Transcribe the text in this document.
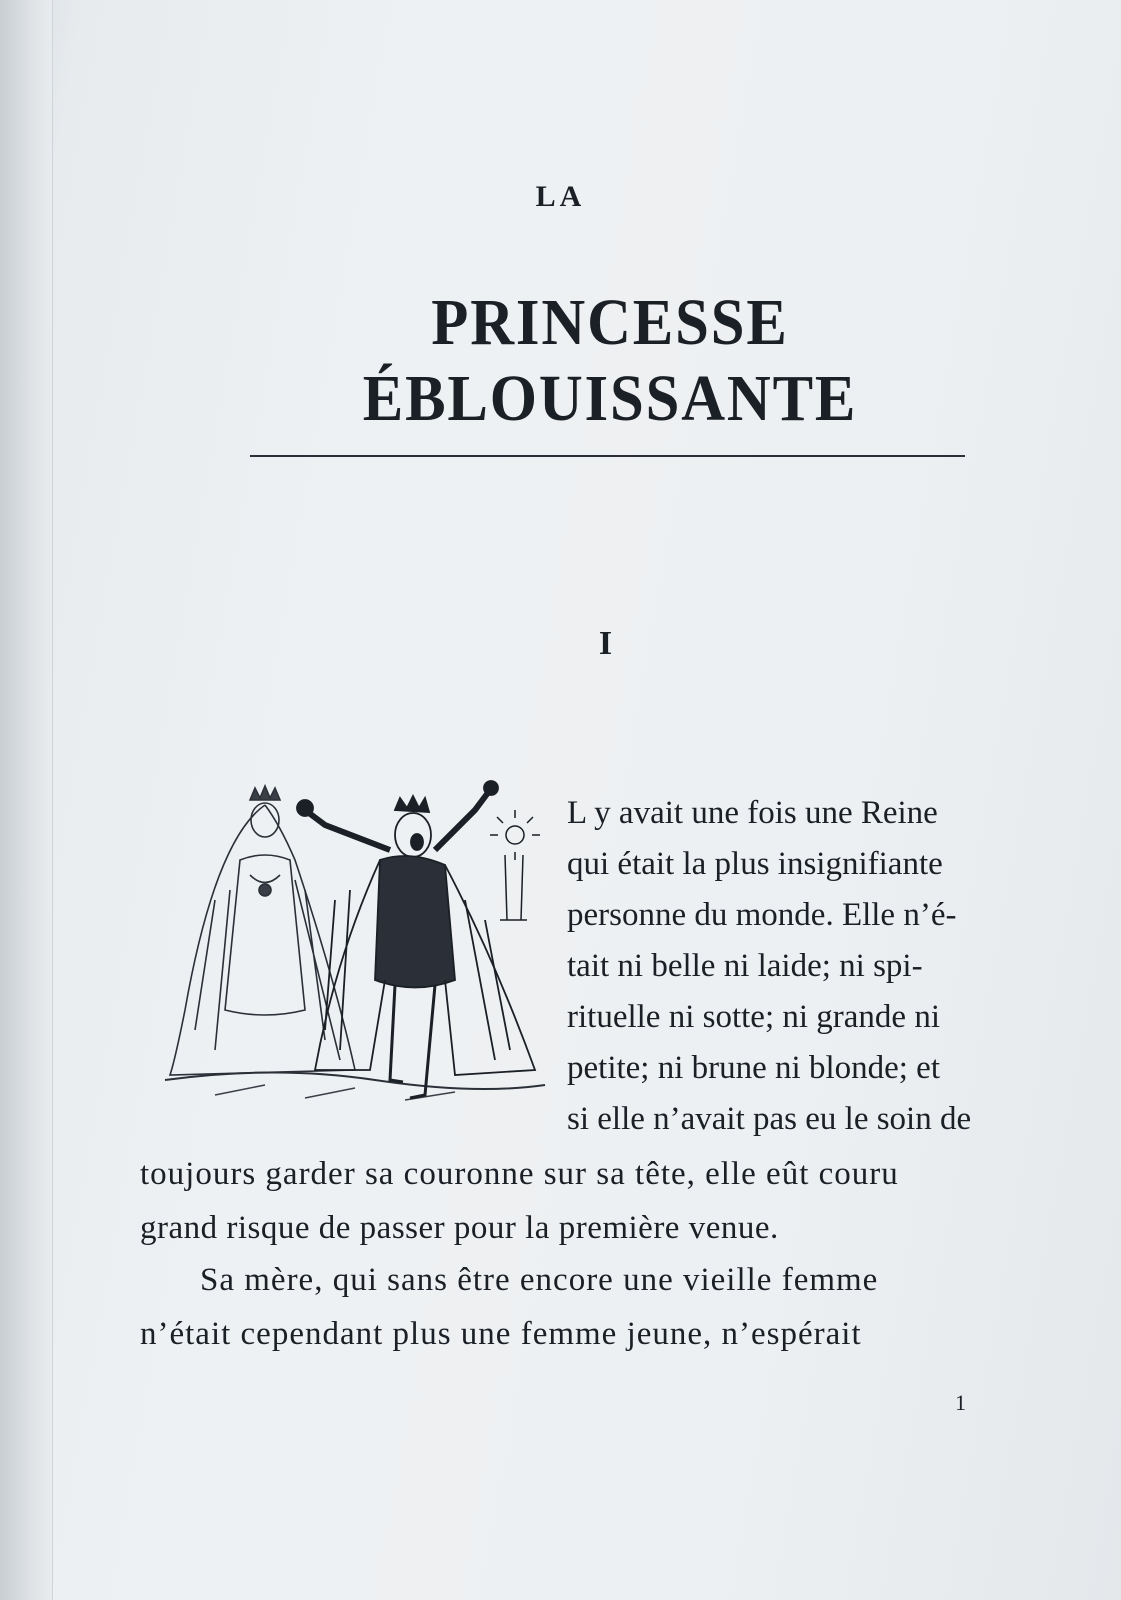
LA
PRINCESSE ÉBLOUISSANTE
I
L y avait une fois une Reine
qui était la plus insignifiante
personne du monde. Elle n’é-
tait ni belle ni laide; ni spi-
rituelle ni sotte; ni grande ni
petite; ni brune ni blonde; et
si elle n’avait pas eu le soin de
toujours garder sa couronne sur sa tête, elle eût couru
grand risque de passer pour la première venue.
Sa mère, qui sans être encore une vieille femme
n’était cependant plus une femme jeune, n’espérait
1
